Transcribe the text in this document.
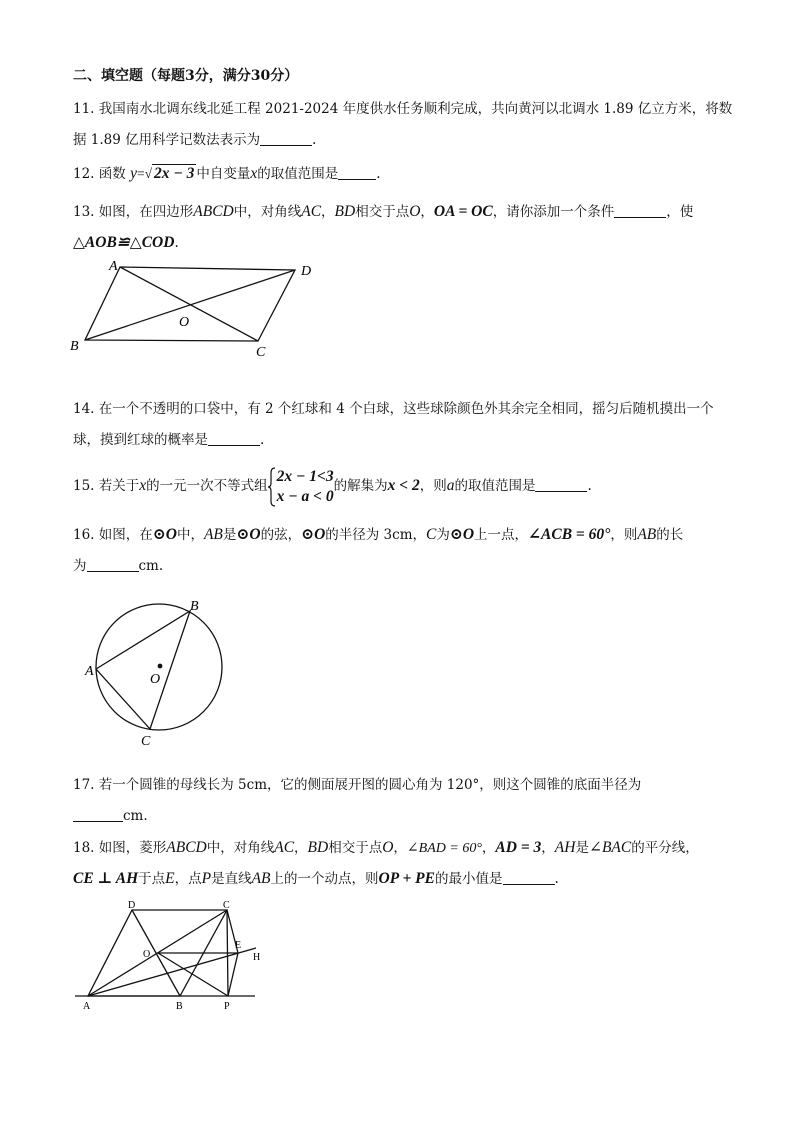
二、填空题（每题3分，满分30分）
11. 我国南水北调东线北延工程 2021-2024 年度供水任务顺利完成，共向黄河以北调水 1.89 亿立方米，将数
据 1.89 亿用科学记数法表示为	.
12. 函数 y=√ 2x − 3 中自变量x的取值范围是	.
13. 如图，在四边形ABCD中，对角线AC，BD相交于点O，OA = OC，请你添加一个条件	，使
△AOB≌△COD.
A	D
B	C
O
14. 在一个不透明的口袋中，有 2 个红球和 4 个白球，这些球除颜色外其余完全相同，摇匀后随机摸出一个
球，摸到红球的概率是	.
15. 若关于x的一元一次不等式组
2x − 1<3
x − a < 0
的解集为x < 2，则a的取值范围是	.
16. 如图，在⊙O中，AB是⊙O的弦，⊙O的半径为 3cm，C为⊙O上一点，∠ACB = 60°，则AB的长
为	cm.
B
A
O
C
17. 若一个圆锥的母线长为 5cm，它的侧面展开图的圆心角为 120°，则这个圆锥的底面半径为
cm.
18. 如图，菱形ABCD中，对角线AC，BD相交于点O，∠BAD = 60°，AD = 3，AH是∠BAC的平分线，
CE ⊥ AH于点E，点P是直线AB上的一个动点，则OP + PE的最小值是	.
D	C
O
E
H
A	B	P
